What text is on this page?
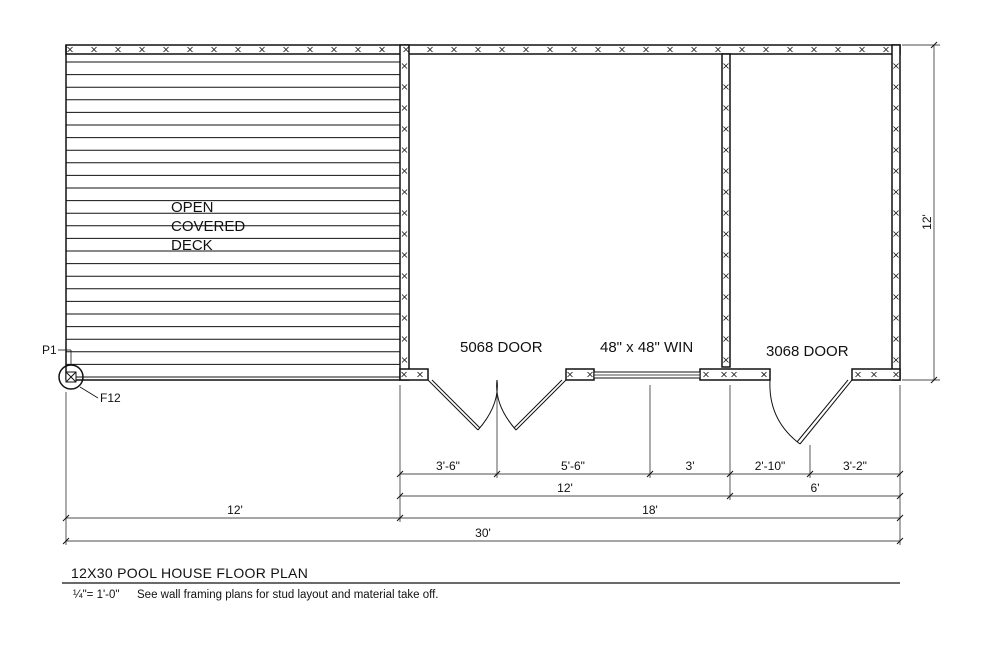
P1
F12
OPEN
COVERED
DECK
5068 DOOR	48" x 48" WIN	3068 DOOR
12'
3'-6"	5'-6"	3'	2'-10"	3'-2"
12'	6'
12'	18'
30'
12X30 POOL HOUSE FLOOR PLAN
¼"= 1'-0" See wall framing plans for stud layout and material take off.
